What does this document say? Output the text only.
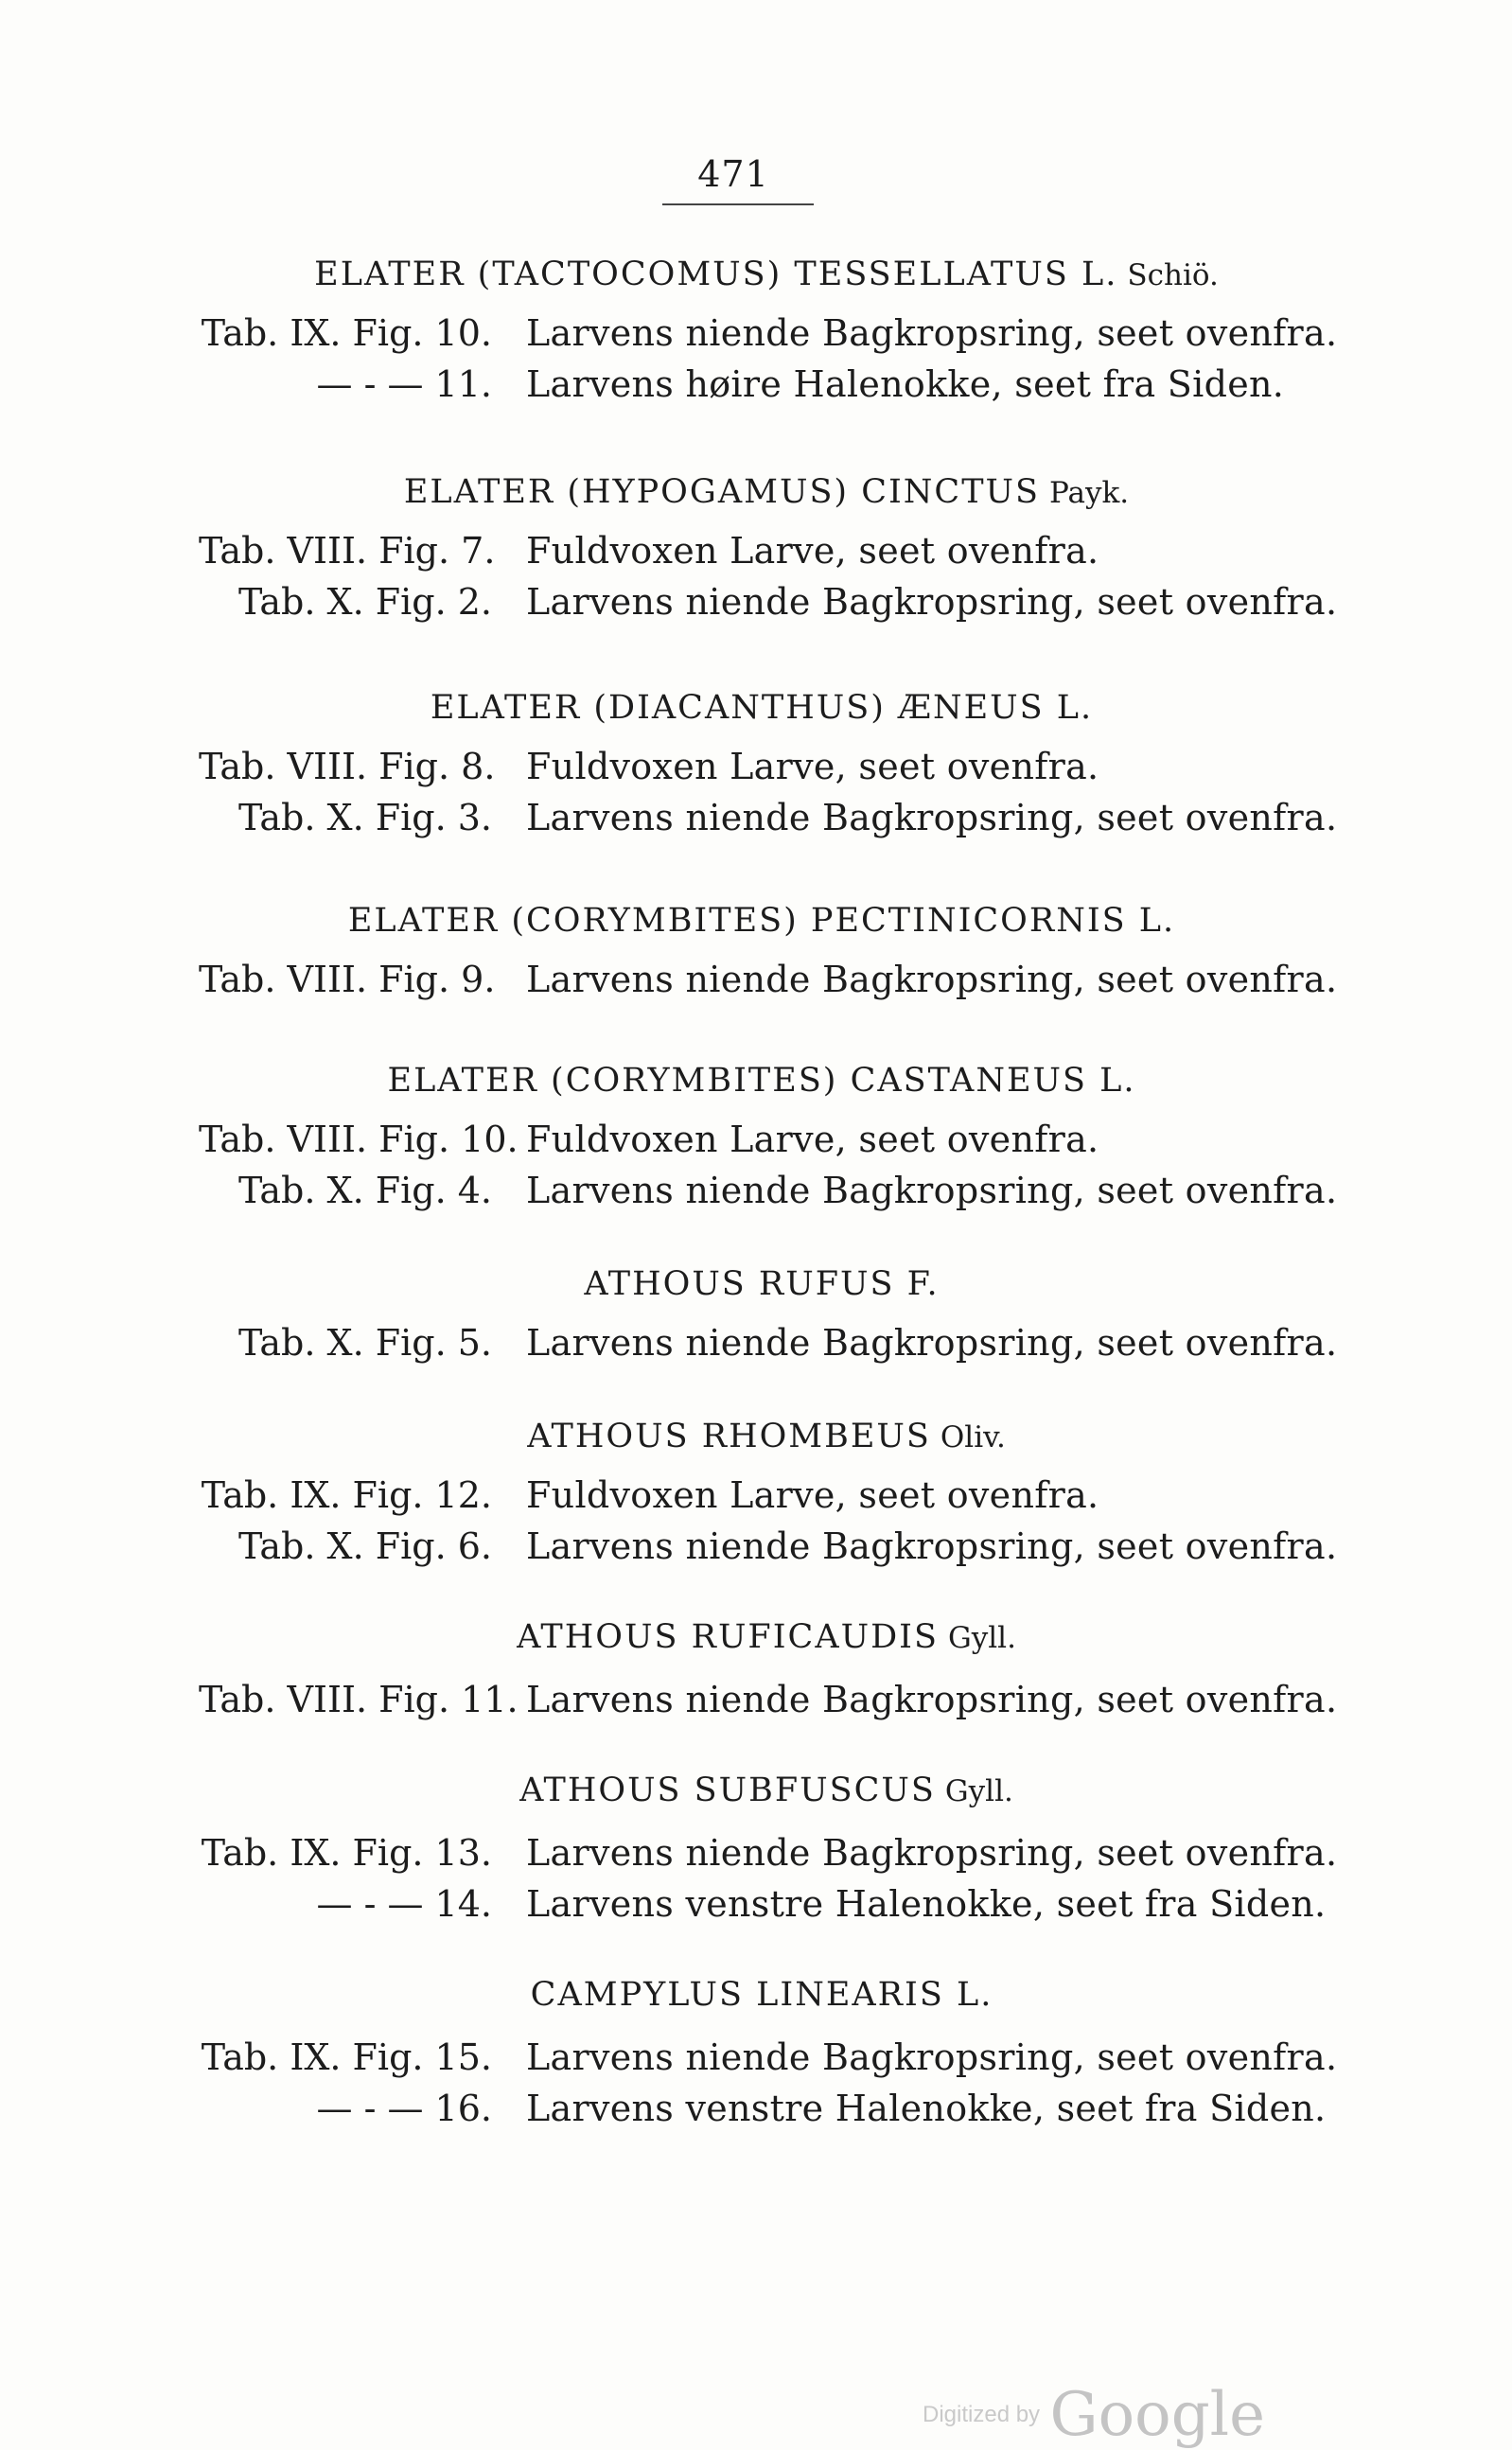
471
ELATER (TACTOCOMUS) TESSELLATUS L. Schiö.
Tab. IX. Fig. 10. Larvens niende Bagkropsring, seet ovenfra.
— - — 11. Larvens høire Halenokke, seet fra Siden.
ELATER (HYPOGAMUS) CINCTUS Payk.
Tab. VIII. Fig. 7. Fuldvoxen Larve, seet ovenfra.
Tab. X. Fig. 2. Larvens niende Bagkropsring, seet ovenfra.
ELATER (DIACANTHUS) ÆNEUS L.
Tab. VIII. Fig. 8. Fuldvoxen Larve, seet ovenfra.
Tab. X. Fig. 3. Larvens niende Bagkropsring, seet ovenfra.
ELATER (CORYMBITES) PECTINICORNIS L.
Tab. VIII. Fig. 9. Larvens niende Bagkropsring, seet ovenfra.
ELATER (CORYMBITES) CASTANEUS L.
Tab. VIII. Fig. 10. Fuldvoxen Larve, seet ovenfra.
Tab. X. Fig. 4. Larvens niende Bagkropsring, seet ovenfra.
ATHOUS RUFUS F.
Tab. X. Fig. 5. Larvens niende Bagkropsring, seet ovenfra.
ATHOUS RHOMBEUS Oliv.
Tab. IX. Fig. 12. Fuldvoxen Larve, seet ovenfra.
Tab. X. Fig. 6. Larvens niende Bagkropsring, seet ovenfra.
ATHOUS RUFICAUDIS Gyll.
Tab. VIII. Fig. 11. Larvens niende Bagkropsring, seet ovenfra.
ATHOUS SUBFUSCUS Gyll.
Tab. IX. Fig. 13. Larvens niende Bagkropsring, seet ovenfra.
— - — 14. Larvens venstre Halenokke, seet fra Siden.
CAMPYLUS LINEARIS L.
Tab. IX. Fig. 15. Larvens niende Bagkropsring, seet ovenfra.
— - — 16. Larvens venstre Halenokke, seet fra Siden.
Digitized by Google
